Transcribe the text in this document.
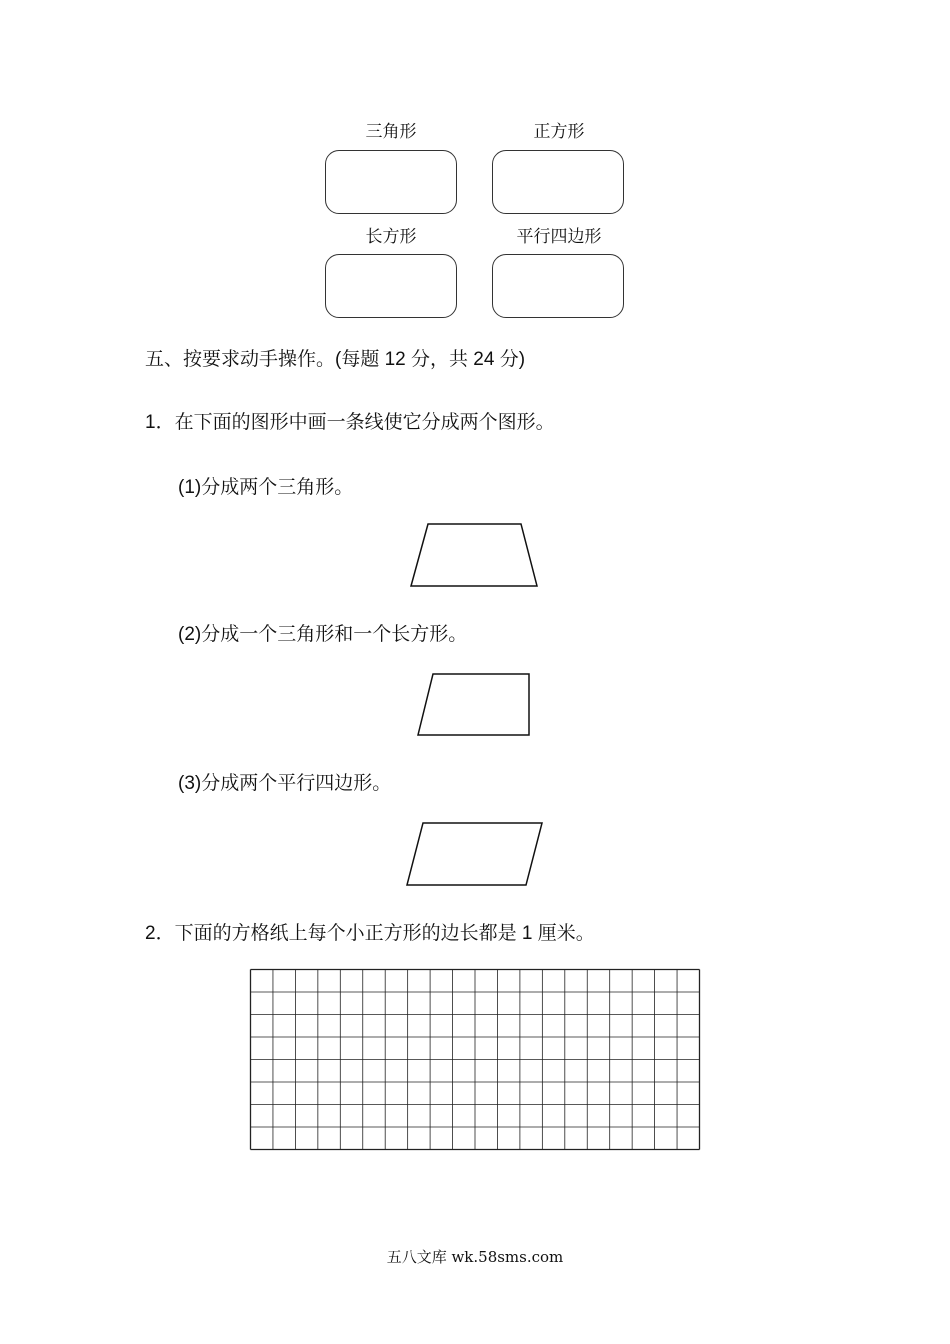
三角形	正方形
长方形	平行四边形
五、按要求动手操作。(每题 12 分，共 24 分)
1．在下面的图形中画一条线使它分成两个图形。
(1)分成两个三角形。
(2)分成一个三角形和一个长方形。
(3)分成两个平行四边形。
2．下面的方格纸上每个小正方形的边长都是 1 厘米。
五八文库 wk.58sms.com
